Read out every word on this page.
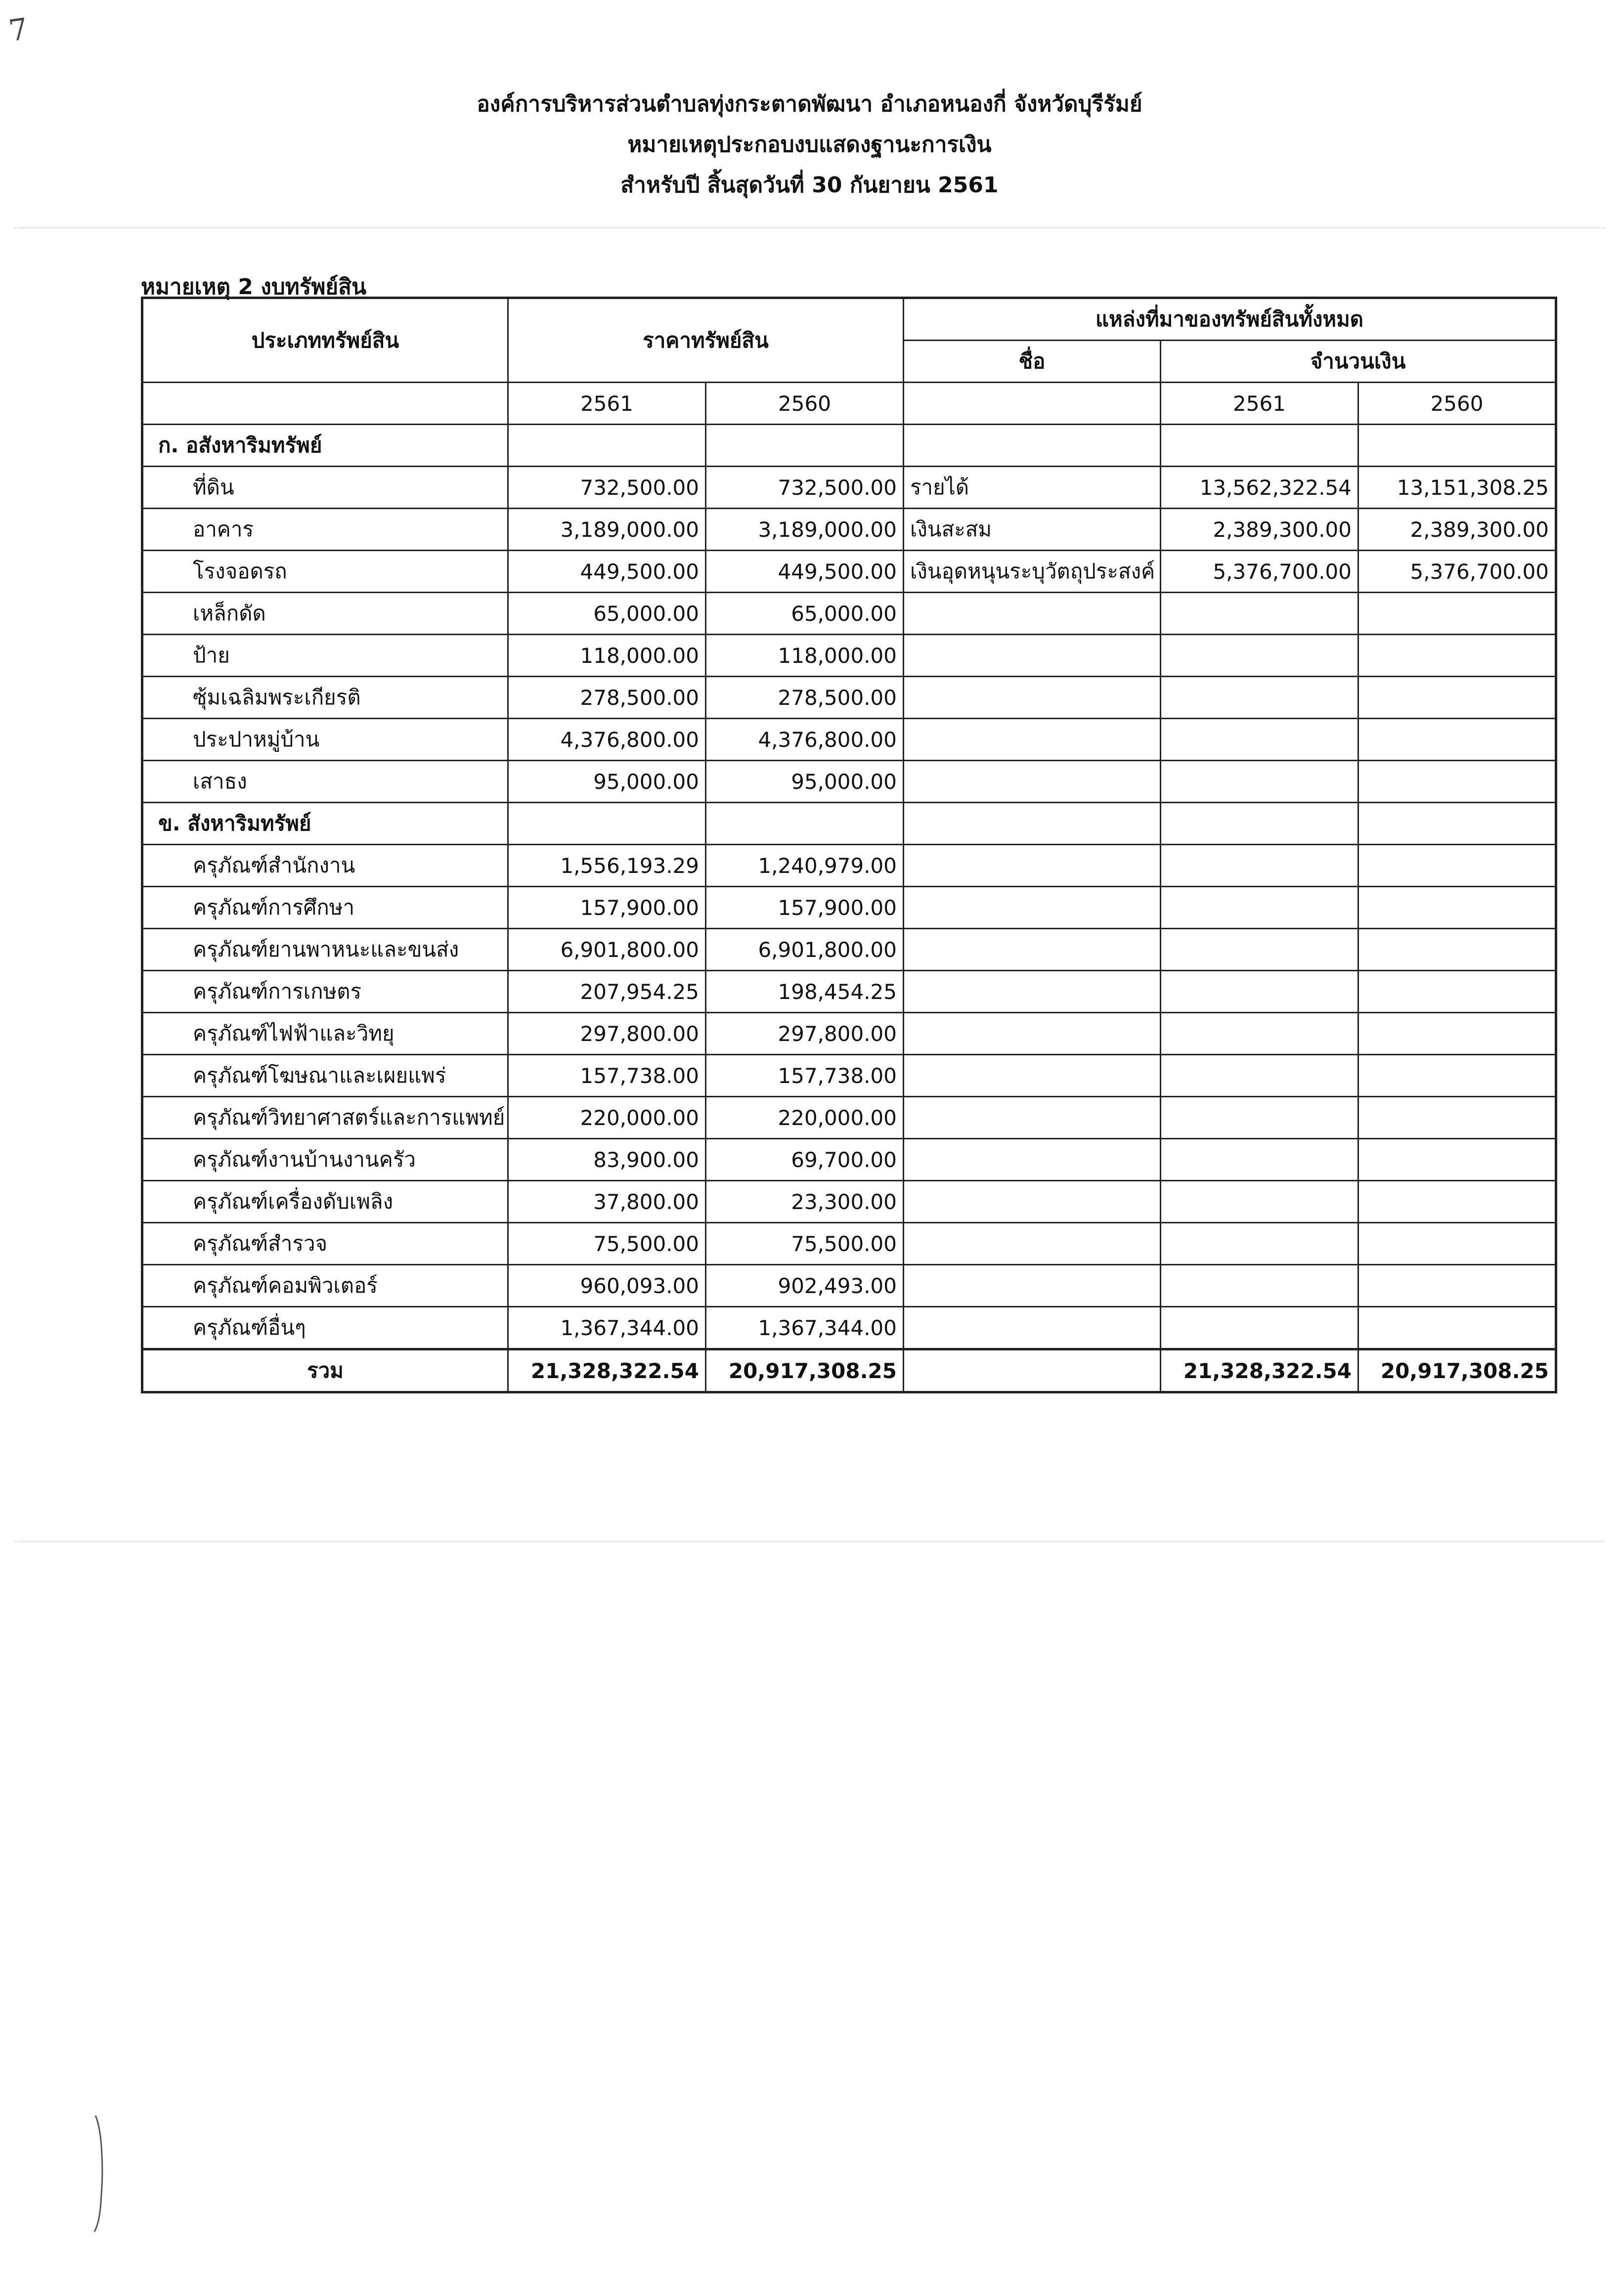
7
องค์การบริหารส่วนตำบลทุ่งกระตาดพัฒนา อำเภอหนองกี่ จังหวัดบุรีรัมย์
หมายเหตุประกอบงบแสดงฐานะการเงิน
สำหรับปี สิ้นสุดวันที่ 30 กันยายน 2561
หมายเหตุ 2 งบทรัพย์สิน
ประเภททรัพย์สิน	ราคาทรัพย์สิน		แหล่งที่มาของทรัพย์สินทั้งหมด		
			ชื่อ	จำนวนเงิน	
	2561	2560		2561	2560
ก. อสังหาริมทรัพย์					
ที่ดิน	732,500.00	732,500.00	รายได้	13,562,322.54	13,151,308.25
อาคาร	3,189,000.00	3,189,000.00	เงินสะสม	2,389,300.00	2,389,300.00
โรงจอดรถ	449,500.00	449,500.00	เงินอุดหนุนระบุวัตถุประสงค์	5,376,700.00	5,376,700.00
เหล็กดัด	65,000.00	65,000.00			
ป้าย	118,000.00	118,000.00			
ซุ้มเฉลิมพระเกียรติ	278,500.00	278,500.00			
ประปาหมู่บ้าน	4,376,800.00	4,376,800.00			
เสาธง	95,000.00	95,000.00			
ข. สังหาริมทรัพย์					
ครุภัณฑ์สำนักงาน	1,556,193.29	1,240,979.00			
ครุภัณฑ์การศึกษา	157,900.00	157,900.00			
ครุภัณฑ์ยานพาหนะและขนส่ง	6,901,800.00	6,901,800.00			
ครุภัณฑ์การเกษตร	207,954.25	198,454.25			
ครุภัณฑ์ไฟฟ้าและวิทยุ	297,800.00	297,800.00			
ครุภัณฑ์โฆษณาและเผยแพร่	157,738.00	157,738.00			
ครุภัณฑ์วิทยาศาสตร์และการแพทย์	220,000.00	220,000.00			
ครุภัณฑ์งานบ้านงานครัว	83,900.00	69,700.00			
ครุภัณฑ์เครื่องดับเพลิง	37,800.00	23,300.00			
ครุภัณฑ์สำรวจ	75,500.00	75,500.00			
ครุภัณฑ์คอมพิวเตอร์	960,093.00	902,493.00			
ครุภัณฑ์อื่นๆ	1,367,344.00	1,367,344.00			
รวม	21,328,322.54	20,917,308.25		21,328,322.54	20,917,308.25
